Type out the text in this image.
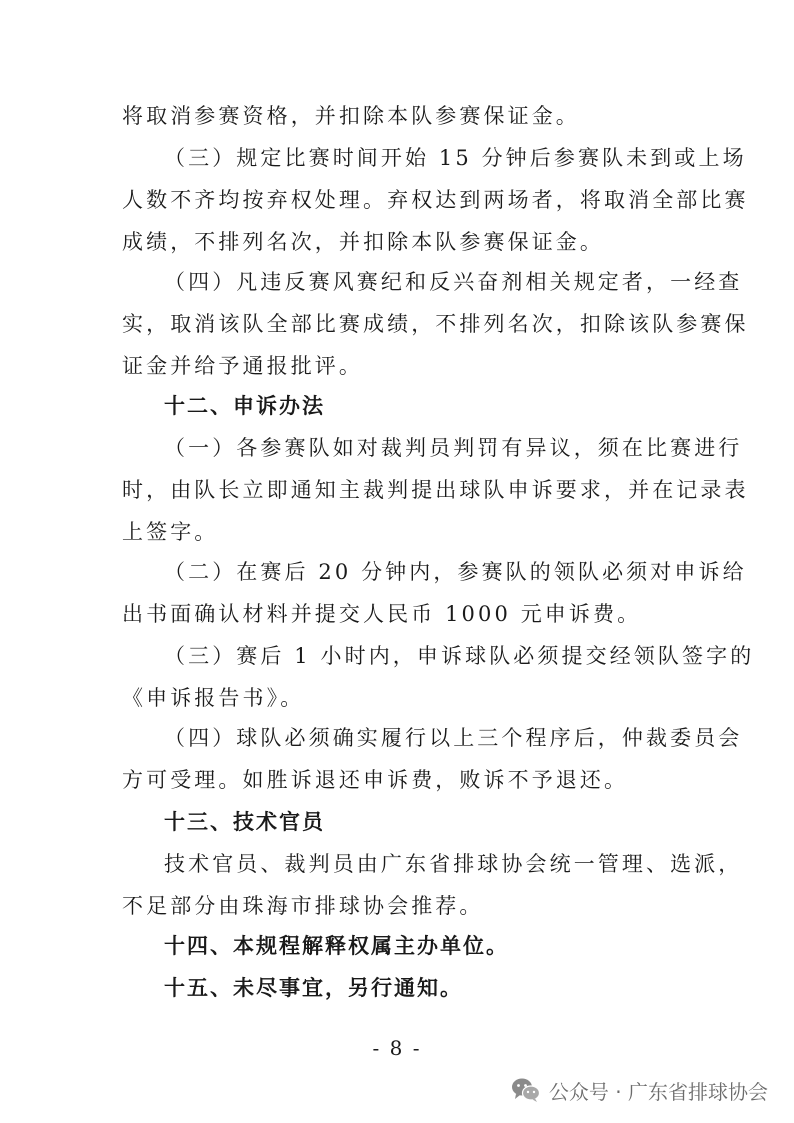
将取消参赛资格，并扣除本队参赛保证金。
（三）规定比赛时间开始 15 分钟后参赛队未到或上场
人数不齐均按弃权处理。弃权达到两场者，将取消全部比赛
成绩，不排列名次，并扣除本队参赛保证金。
（四）凡违反赛风赛纪和反兴奋剂相关规定者，一经查
实，取消该队全部比赛成绩，不排列名次，扣除该队参赛保
证金并给予通报批评。
十二、申诉办法
（一）各参赛队如对裁判员判罚有异议，须在比赛进行
时，由队长立即通知主裁判提出球队申诉要求，并在记录表
上签字。
（二）在赛后 20 分钟内，参赛队的领队必须对申诉给
出书面确认材料并提交人民币 1000 元申诉费。
（三）赛后 1 小时内，申诉球队必须提交经领队签字的
《申诉报告书》。
（四）球队必须确实履行以上三个程序后，仲裁委员会
方可受理。如胜诉退还申诉费，败诉不予退还。
十三、技术官员
技术官员、裁判员由广东省排球协会统一管理、选派，
不足部分由珠海市排球协会推荐。
十四、本规程解释权属主办单位。
十五、未尽事宜，另行通知。
- 8 -
公众号 · 广东省排球协会
